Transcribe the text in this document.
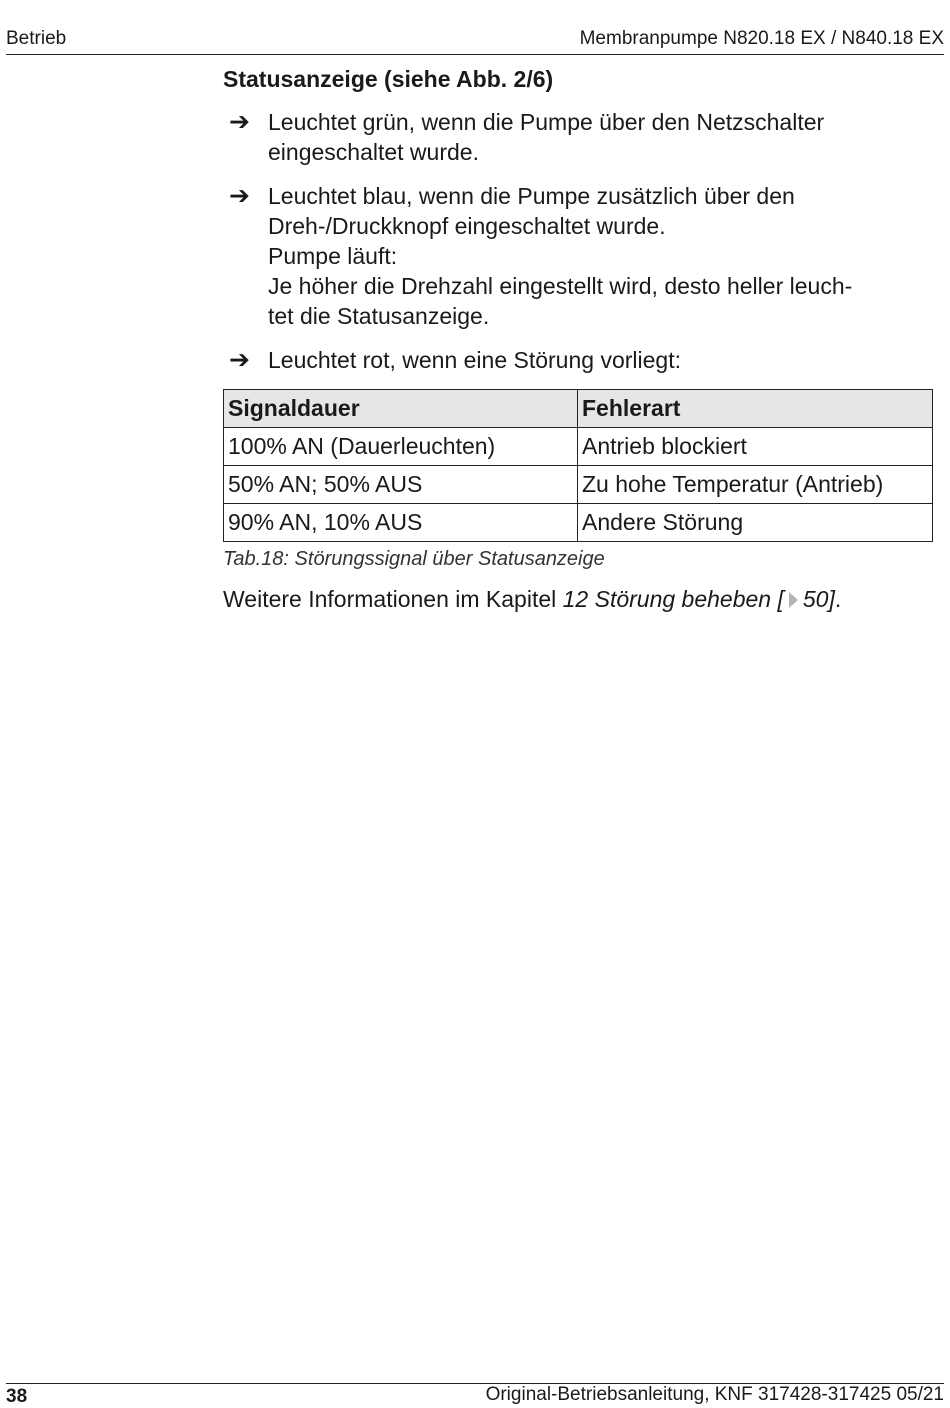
Betrieb	Membranpumpe N820.18 EX / N840.18 EX
Statusanzeige (siehe Abb. 2/6)
➔ Leuchtet grün, wenn die Pumpe über den Netzschalter
eingeschaltet wurde.
➔ Leuchtet blau, wenn die Pumpe zusätzlich über den
Dreh-/Druckknopf eingeschaltet wurde.
Pumpe läuft:
Je höher die Drehzahl eingestellt wird, desto heller leuch-
tet die Statusanzeige.
➔ Leuchtet rot, wenn eine Störung vorliegt:
Signaldauer	Fehlerart
100% AN (Dauerleuchten)	Antrieb blockiert
50% AN; 50% AUS	Zu hohe Temperatur (Antrieb)
90% AN, 10% AUS	Andere Störung
Tab.18: Störungssignal über Statusanzeige
Weitere Informationen im Kapitel 12 Störung beheben [ 50].
38	Original-Betriebsanleitung, KNF 317428-317425 05/21
